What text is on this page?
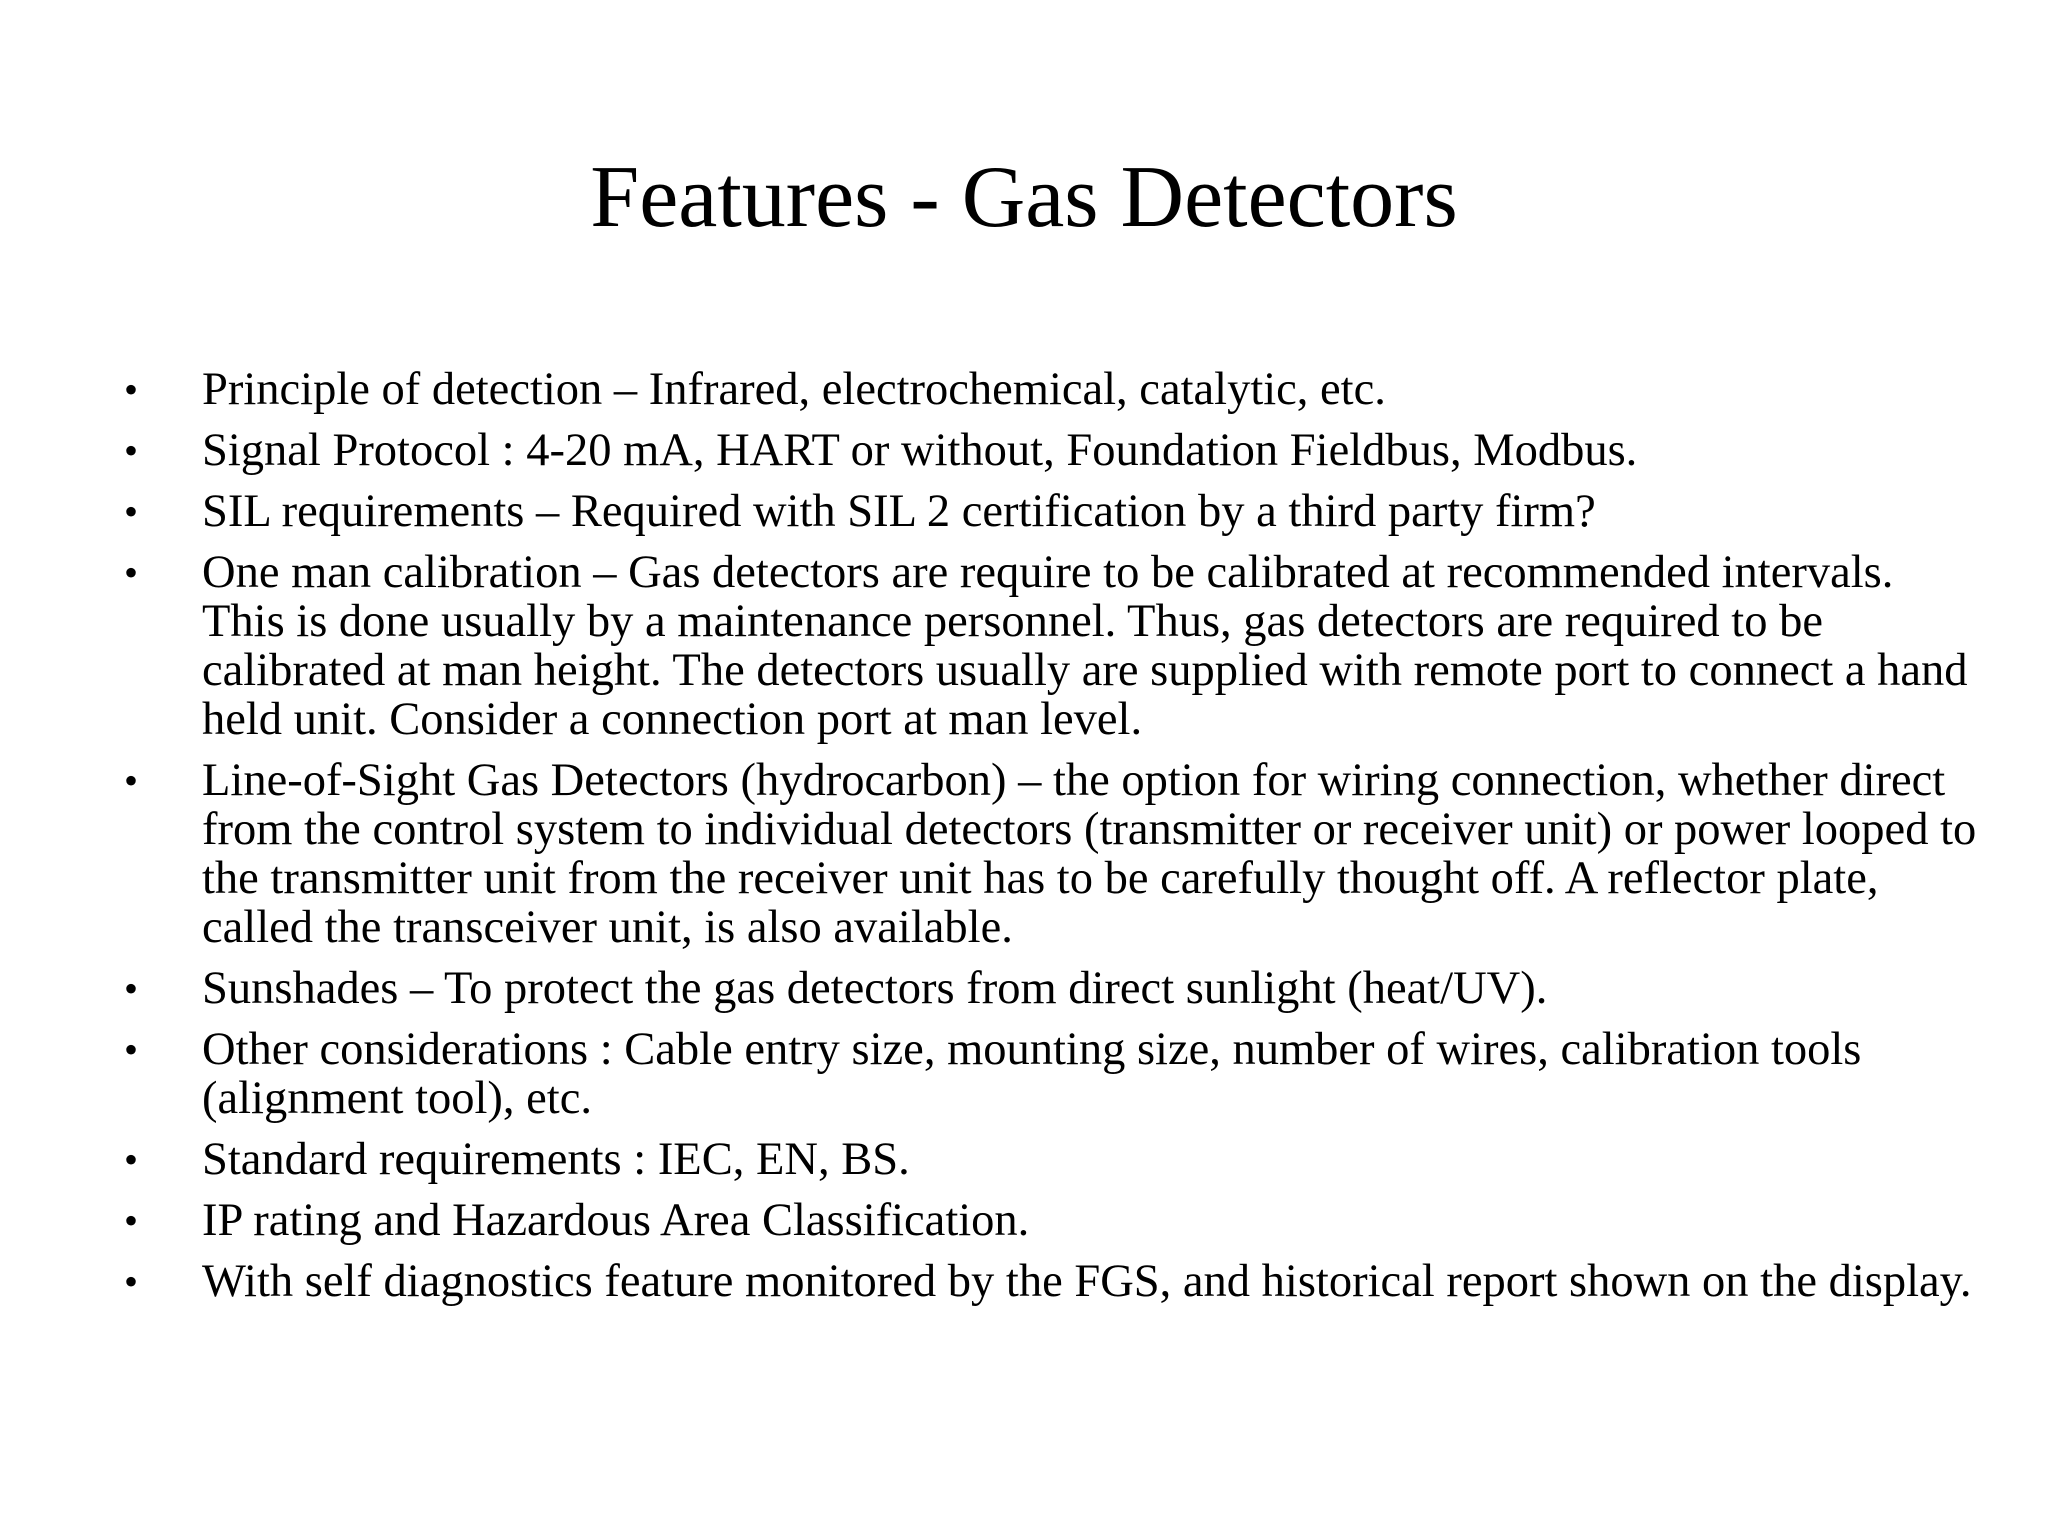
Features - Gas Detectors
• Principle of detection – Infrared, electrochemical, catalytic, etc.
• Signal Protocol : 4-20 mA, HART or without, Foundation Fieldbus, Modbus.
• SIL requirements – Required with SIL 2 certification by a third party firm?
• One man calibration – Gas detectors are require to be calibrated at recommended intervals. This is done usually by a maintenance personnel. Thus, gas detectors are required to be calibrated at man height. The detectors usually are supplied with remote port to connect a hand held unit. Consider a connection port at man level.
• Line-of-Sight Gas Detectors (hydrocarbon) – the option for wiring connection, whether direct from the control system to individual detectors (transmitter or receiver unit) or power looped to the transmitter unit from the receiver unit has to be carefully thought off. A reflector plate, called the transceiver unit, is also available.
• Sunshades – To protect the gas detectors from direct sunlight (heat/UV).
• Other considerations : Cable entry size, mounting size, number of wires, calibration tools (alignment tool), etc.
• Standard requirements : IEC, EN, BS.
• IP rating and Hazardous Area Classification.
• With self diagnostics feature monitored by the FGS, and historical report shown on the display.
